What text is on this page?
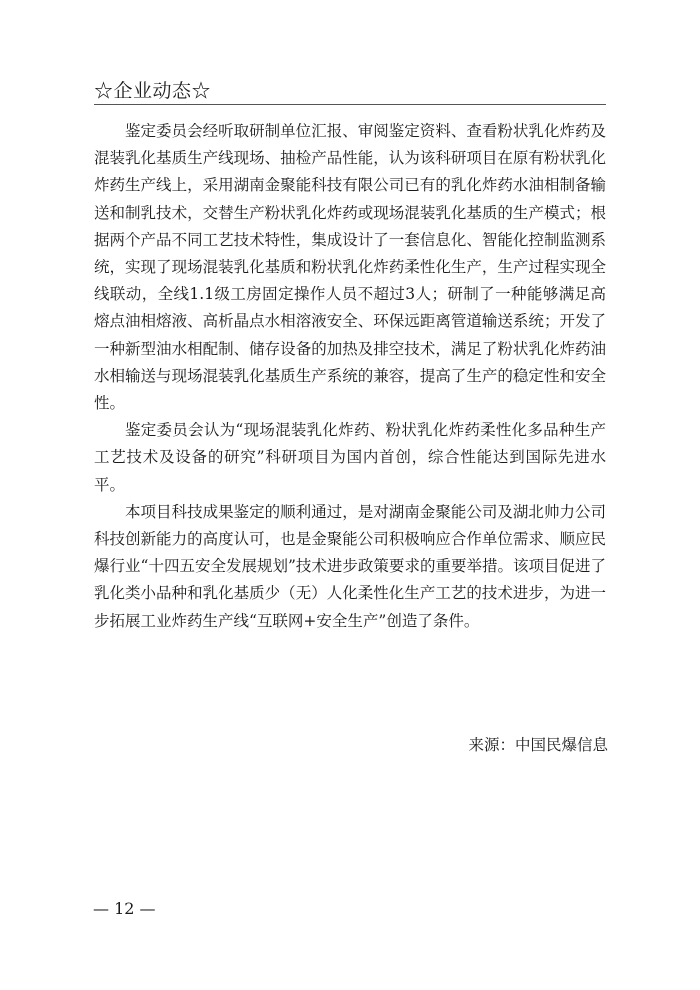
☆企业动态☆

鉴定委员会经听取研制单位汇报、审阅鉴定资料、查看粉状乳化炸药及混装乳化基质生产线现场、抽检产品性能，认为该科研项目在原有粉状乳化炸药生产线上，采用湖南金聚能科技有限公司已有的乳化炸药水油相制备输送和制乳技术，交替生产粉状乳化炸药或现场混装乳化基质的生产模式；根据两个产品不同工艺技术特性，集成设计了一套信息化、智能化控制监测系统，实现了现场混装乳化基质和粉状乳化炸药柔性化生产，生产过程实现全线联动，全线1.1级工房固定操作人员不超过3人；研制了一种能够满足高熔点油相熔液、高析晶点水相溶液安全、环保远距离管道输送系统；开发了一种新型油水相配制、储存设备的加热及排空技术，满足了粉状乳化炸药油水相输送与现场混装乳化基质生产系统的兼容，提高了生产的稳定性和安全性。

鉴定委员会认为“现场混装乳化炸药、粉状乳化炸药柔性化多品种生产工艺技术及设备的研究”科研项目为国内首创，综合性能达到国际先进水平。

本项目科技成果鉴定的顺利通过，是对湖南金聚能公司及湖北帅力公司科技创新能力的高度认可，也是金聚能公司积极响应合作单位需求、顺应民爆行业“十四五安全发展规划”技术进步政策要求的重要举措。该项目促进了乳化类小品种和乳化基质少（无）人化柔性化生产工艺的技术进步，为进一步拓展工业炸药生产线“互联网+安全生产”创造了条件。

来源：中国民爆信息
— 12 —
